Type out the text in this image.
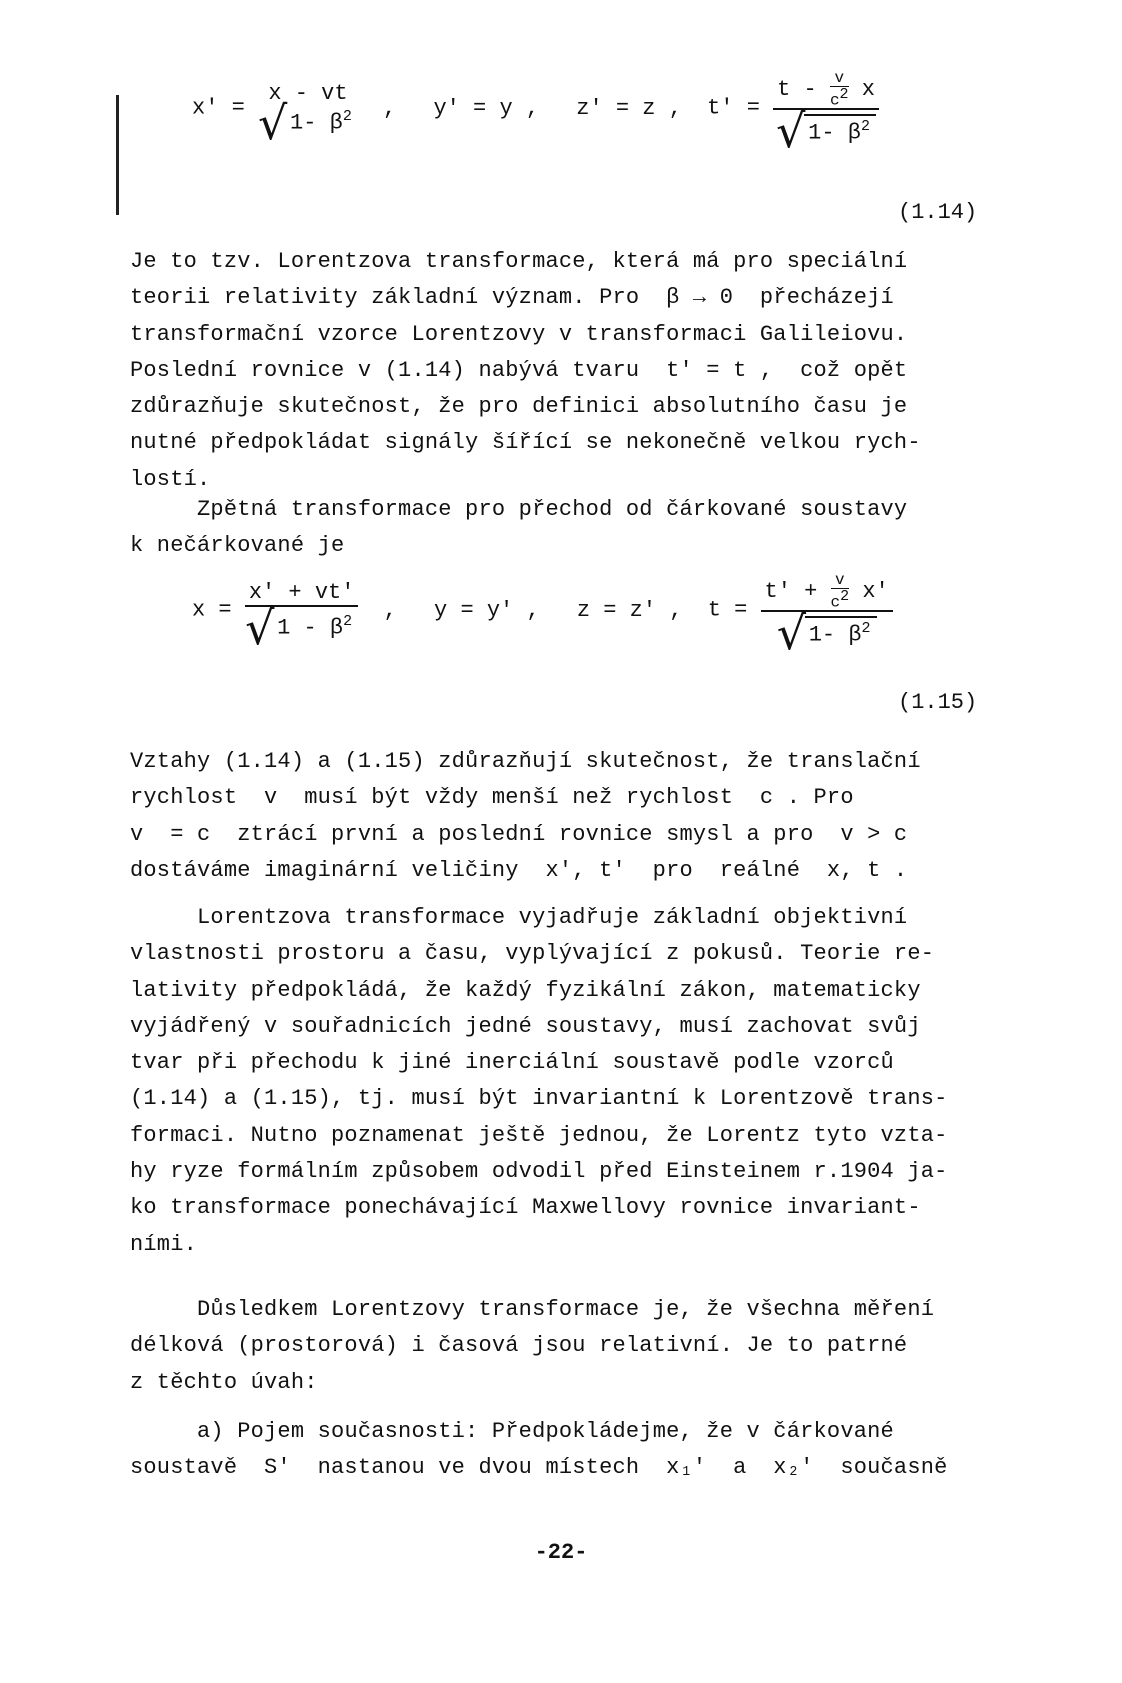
x' =
x - vt
√ 1- $\beta^2$ , y' = y , z' = z , $t' = \frac{t - \frac{v}{c2} x}{√ 1- \beta^2}$
(1.14)

Je to tzv. Lorentzova transformace, která má pro speciální
teorii relativity základní význam. Pro  β → 0  přecházejí
transformační vzorce Lorentzovy v transformaci Galileiovu.
Poslední rovnice v (1.14) nabývá tvaru  t' = t ,  což opět
zdůrazňuje skutečnost, že pro definici absolutního času je
nutné předpokládat signály šířící se nekonečně velkou rych-
lostí.

Zpětná transformace pro přechod od čárkované soustavy
k nečárkované je

$x = \frac{x' + vt'}{√ 1 - \beta^2}$ , y = y' , z = z' , $t = \frac{t' + \frac{v}{c2} x'}{√ 1- \beta^2}$
(1.15)

Vztahy (1.14) a (1.15) zdůrazňují skutečnost, že translační
rychlost  v  musí být vždy menší než rychlost  c . Pro
v  = c  ztrácí první a poslední rovnice smysl a pro  v > c
dostáváme imaginární veličiny  x', t'  pro  reálné  x, t .

Lorentzova transformace vyjadřuje základní objektivní
vlastnosti prostoru a času, vyplývající z pokusů. Teorie re-
lativity předpokládá, že každý fyzikální zákon, matematicky
vyjádřený v souřadnicích jedné soustavy, musí zachovat svůj
tvar při přechodu k jiné inerciální soustavě podle vzorců
(1.14) a (1.15), tj. musí být invariantní k Lorentzově trans-
formaci. Nutno poznamenat ještě jednou, že Lorentz tyto vzta-
hy ryze formálním způsobem odvodil před Einsteinem r.1904 ja-
ko transformace ponechávající Maxwellovy rovnice invariant-
ními.

Důsledkem Lorentzovy transformace je, že všechna měření
délková (prostorová) i časová jsou relativní. Je to patrné
z těchto úvah:

a) Pojem současnosti: Předpokládejme, že v čárkované
soustavě  S'  nastanou ve dvou místech  x₁'  a  x₂'  současně

-22-
